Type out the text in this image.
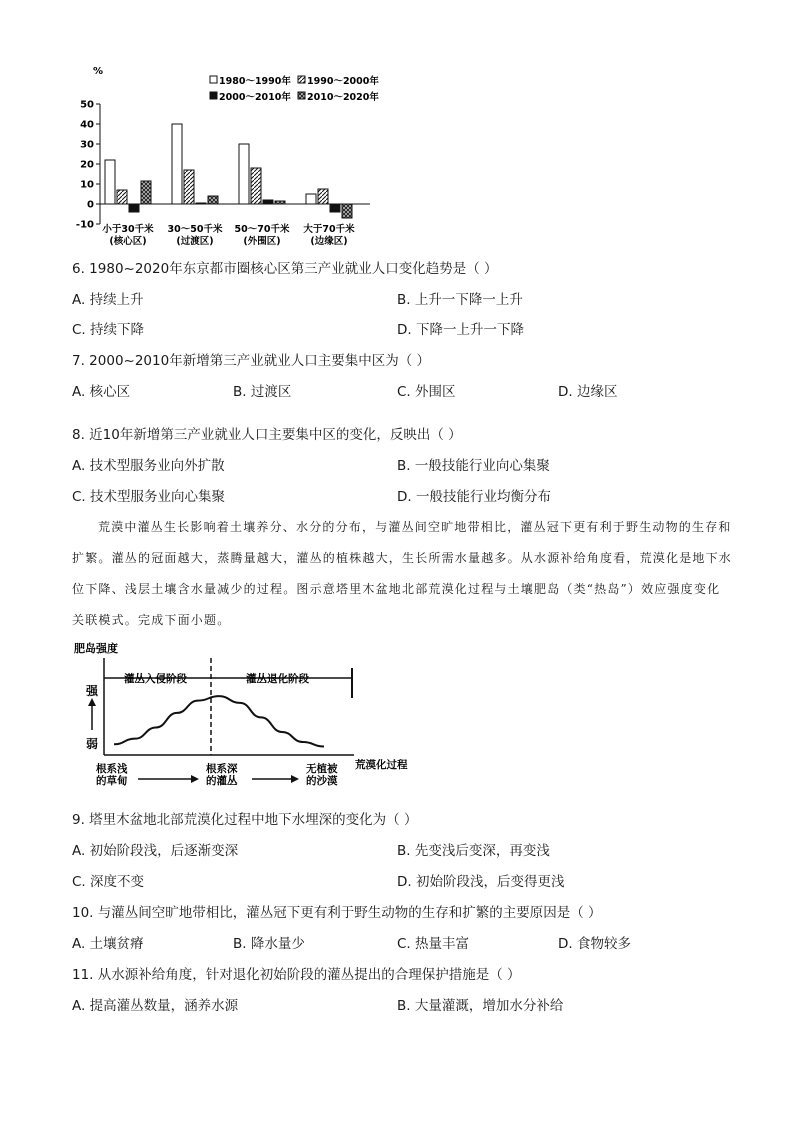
%
50
40
30
20
10
0
-10 小于30千米
(核心区)
30～50千米
(过渡区)
50～70千米
(外围区)
大于70千米
(边缘区)
1980～1990年 1990～2000年
2000～2010年 2010～2020年
6. 1980~2020年东京都市圈核心区第三产业就业人口变化趋势是（ ）
A. 持续上升	B. 上升一下降一上升
C. 持续下降	D. 下降一上升一下降
7. 2000~2010年新增第三产业就业人口主要集中区为（ ）
A. 核心区	B. 过渡区	C. 外围区	D. 边缘区
8. 近10年新增第三产业就业人口主要集中区的变化，反映出（ ）
A. 技术型服务业向外扩散	B. 一般技能行业向心集聚
C. 技术型服务业向心集聚	D. 一般技能行业均衡分布
荒漠中灌丛生长影响着土壤养分、水分的分布，与灌丛间空旷地带相比，灌丛冠下更有利于野生动物的生存和扩繁。灌丛的冠面越大，蒸腾量越大，灌丛的植株越大，生长所需水量越多。从水源补给角度看，荒漠化是地下水位下降、浅层土壤含水量减少的过程。图示意塔里木盆地北部荒漠化过程与土壤肥岛（类“热岛”）效应强度变化关联模式。完成下面小题。
肥岛强度
强
弱
灌丛入侵阶段	灌丛退化阶段
荒漠化过程
根系浅
的草甸
根系深
的灌丛
无植被
的沙漠
9. 塔里木盆地北部荒漠化过程中地下水埋深的变化为（ ）
A. 初始阶段浅，后逐渐变深	B. 先变浅后变深，再变浅
C. 深度不变	D. 初始阶段浅，后变得更浅
10. 与灌丛间空旷地带相比，灌丛冠下更有利于野生动物的生存和扩繁的主要原因是（ ）
A. 土壤贫瘠	B. 降水量少	C. 热量丰富	D. 食物较多
11. 从水源补给角度，针对退化初始阶段的灌丛提出的合理保护措施是（ ）
A. 提高灌丛数量，涵养水源	B. 大量灌溉，增加水分补给
